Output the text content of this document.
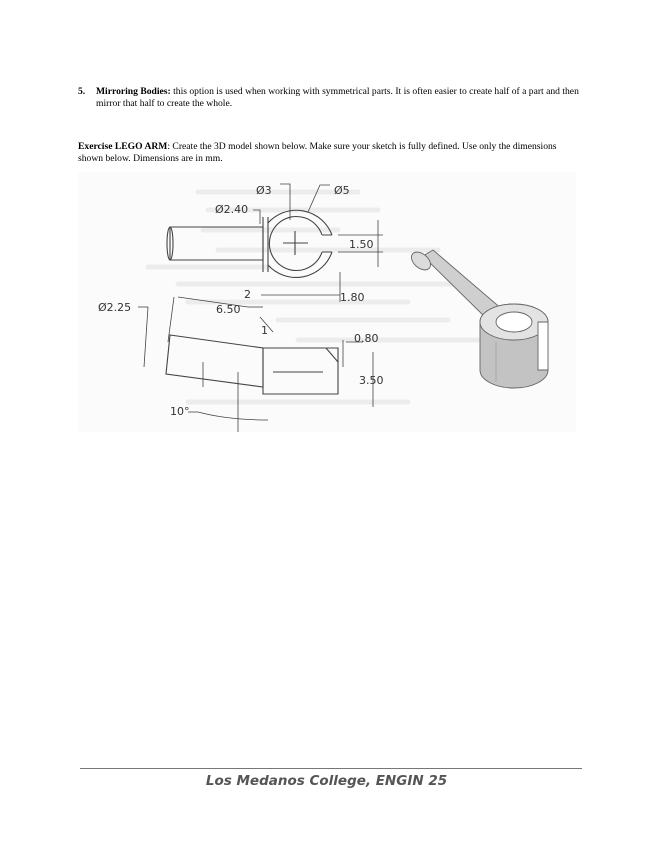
5. Mirroring Bodies: this option is used when working with symmetrical parts. It is often easier to create half of a part and then mirror that half to create the whole.
Exercise LEGO ARM: Create the 3D model shown below. Make sure your sketch is fully defined. Use only the dimensions shown below. Dimensions are in mm.
Ø3	Ø5
Ø2.40
1.50
2	1.80
Ø2.25	6.50
1
0.80
3.50
10°
Los Medanos College, ENGIN 25
